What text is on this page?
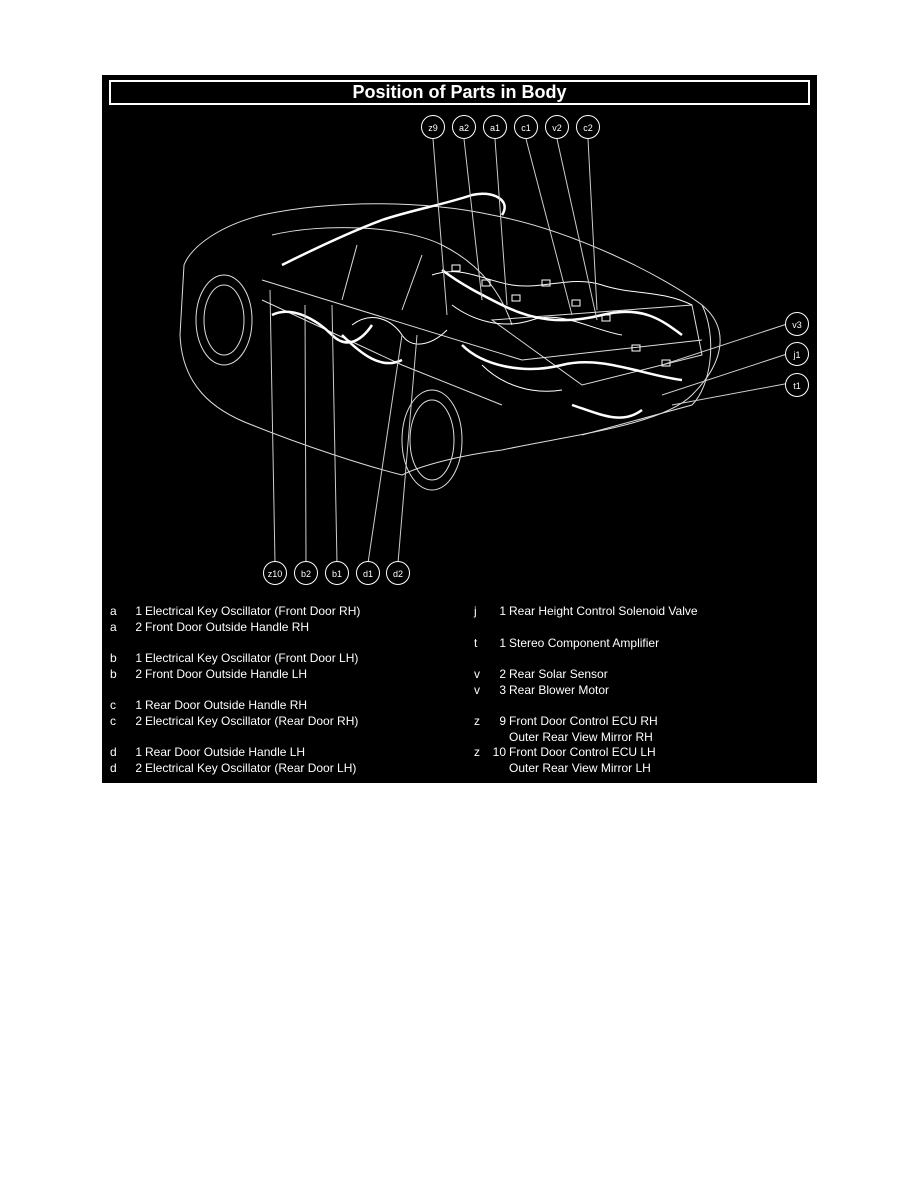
Position of Parts in Body
z9	a2	a1	c1	v2	c2
v3
j1
t1
z10	b2	b1	d1	d2
a	1 Electrical Key Oscillator (Front Door RH)
a	2 Front Door Outside Handle RH
b	1 Electrical Key Oscillator (Front Door LH)
b	2 Front Door Outside Handle LH
c	1 Rear Door Outside Handle RH
c	2 Electrical Key Oscillator (Rear Door RH)
d	1 Rear Door Outside Handle LH
d	2 Electrical Key Oscillator (Rear Door LH)
j	1 Rear Height Control Solenoid Valve
t	1 Stereo Component Amplifier
v	2 Rear Solar Sensor
v	3 Rear Blower Motor
z	9 Front Door Control ECU RH
Outer Rear View Mirror RH
z	10 Front Door Control ECU LH
Outer Rear View Mirror LH
